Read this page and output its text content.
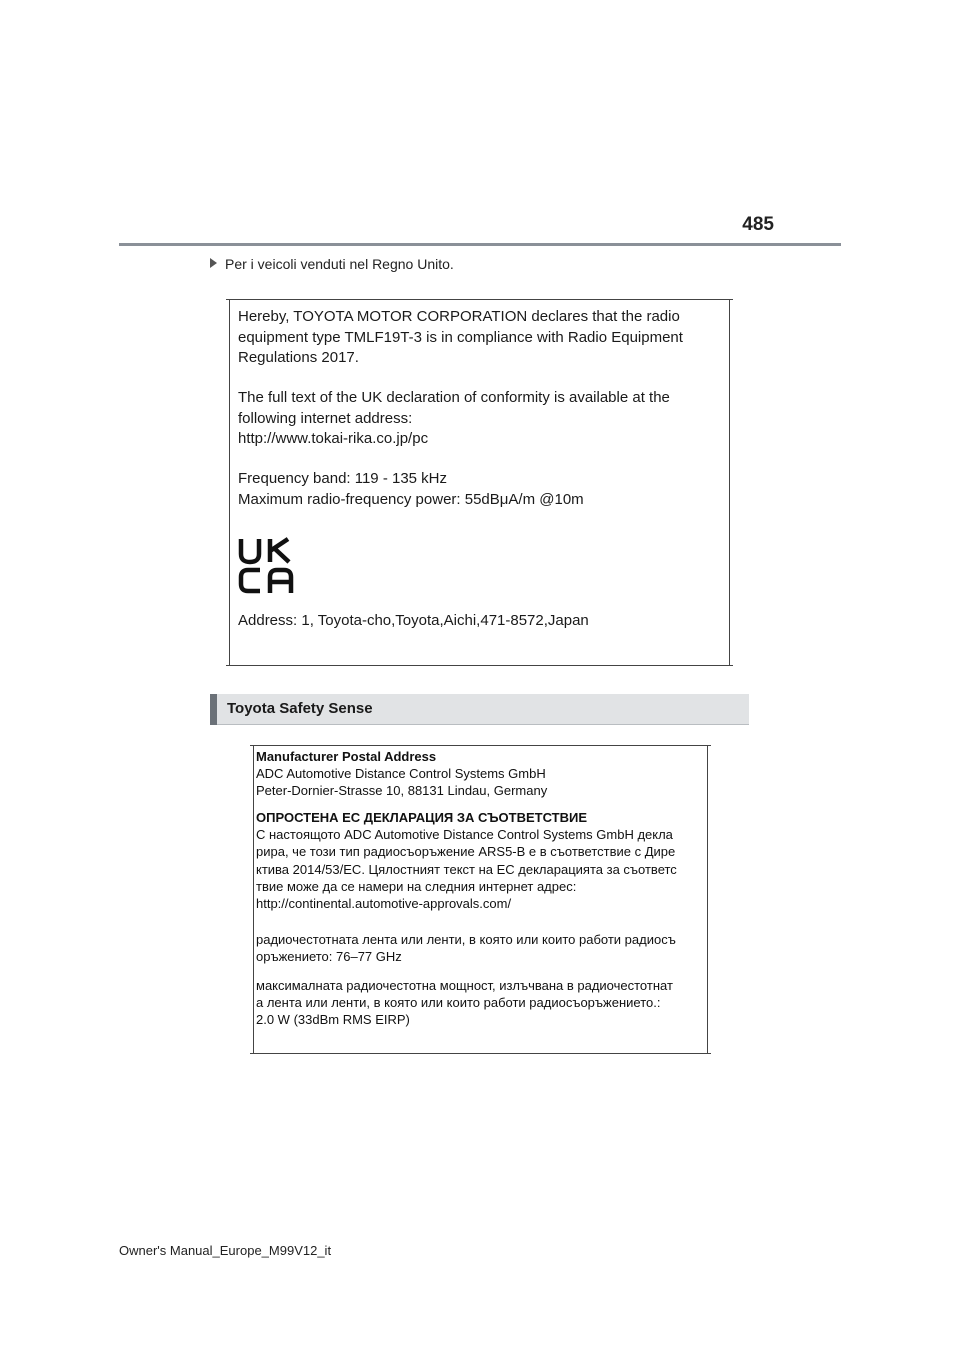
485
Per i veicoli venduti nel Regno Unito.
Hereby, TOYOTA MOTOR CORPORATION declares that the radio equipment type TMLF19T-3 is in compliance with Radio Equipment Regulations 2017.
The full text of the UK declaration of conformity is available at the
following internet address:
http://www.tokai-rika.co.jp/pc
Frequency band: 119 - 135 kHz
Maximum radio-frequency power: 55dBμA/m @10m
Address: 1, Toyota-cho,Toyota,Aichi,471-8572,Japan
Toyota Safety Sense
Manufacturer Postal Address
ADC Automotive Distance Control Systems GmbH
Peter-Dornier-Strasse 10, 88131 Lindau, Germany
ОПРОСТЕНА ЕС ДЕКЛАРАЦИЯ ЗА СЪОТВЕТСТВИЕ
С настоящото ADC Automotive Distance Control Systems GmbH декла
рира, че този тип радиосъоръжение ARS5-B е в съответствие с Дире
ктива 2014/53/ЕС. Цялостният текст на ЕС декларацията за съответс
твие може да се намери на следния интернет адрес:
http://continental.automotive-approvals.com/
радиочестотната лента или ленти, в която или които работи радиосъ
оръжението: 76–77 GHz
максималната радиочестотна мощност, излъчвана в радиочестотнат
а лента или ленти, в която или които работи радиосъоръжението.:
2.0 W (33dBm RMS EIRP)
Owner's Manual_Europe_M99V12_it
